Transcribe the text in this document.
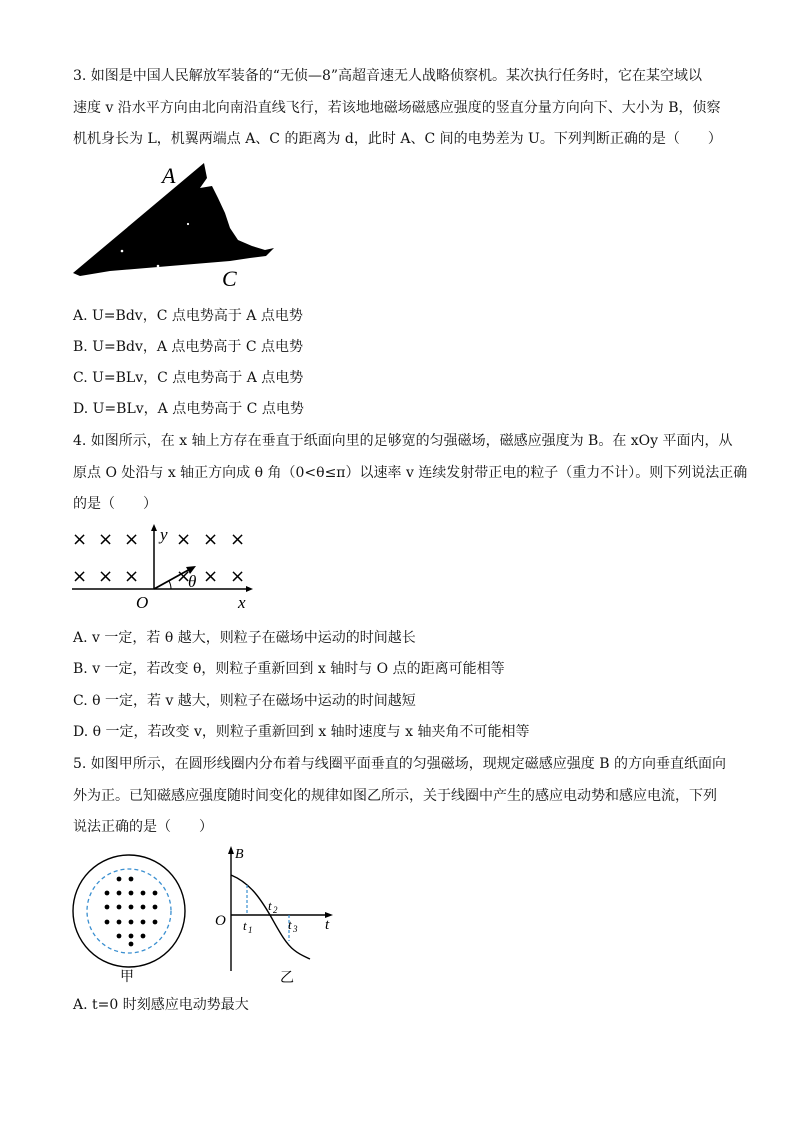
3. 如图是中国人民解放军装备的“无侦—8”高超音速无人战略侦察机。某次执行任务时，它在某空域以
速度 v 沿水平方向由北向南沿直线飞行，若该地地磁场磁感应强度的竖直分量方向向下、大小为 B，侦察
机机身长为 L，机翼两端点 A、C 的距离为 d，此时 A、C 间的电势差为 U。下列判断正确的是（　　）
A
C
A. U=Bdv，C 点电势高于 A 点电势
B. U=Bdv，A 点电势高于 C 点电势
C. U=BLv，C 点电势高于 A 点电势
D. U=BLv，A 点电势高于 C 点电势
4. 如图所示，在 x 轴上方存在垂直于纸面向里的足够宽的匀强磁场，磁感应强度为 B。在 xOy 平面内，从
原点 O 处沿与 x 轴正方向成 θ 角（0<θ≤π）以速率 v 连续发射带正电的粒子（重力不计）。则下列说法正确
的是（　　）
× × × × × ×
× × × × × ×
y
x
O
θ
A. v 一定，若 θ 越大，则粒子在磁场中运动的时间越长
B. v 一定，若改变 θ，则粒子重新回到 x 轴时与 O 点的距离可能相等
C. θ 一定，若 v 越大，则粒子在磁场中运动的时间越短
D. θ 一定，若改变 v，则粒子重新回到 x 轴时速度与 x 轴夹角不可能相等
5. 如图甲所示，在圆形线圈内分布着与线圈平面垂直的匀强磁场，现规定磁感应强度 B 的方向垂直纸面向
外为正。已知磁感应强度随时间变化的规律如图乙所示，关于线圈中产生的感应电动势和感应电流，下列
说法正确的是（　　）
甲
B
O	t
t 1
t 2
t 3
乙
A. t=0 时刻感应电动势最大
